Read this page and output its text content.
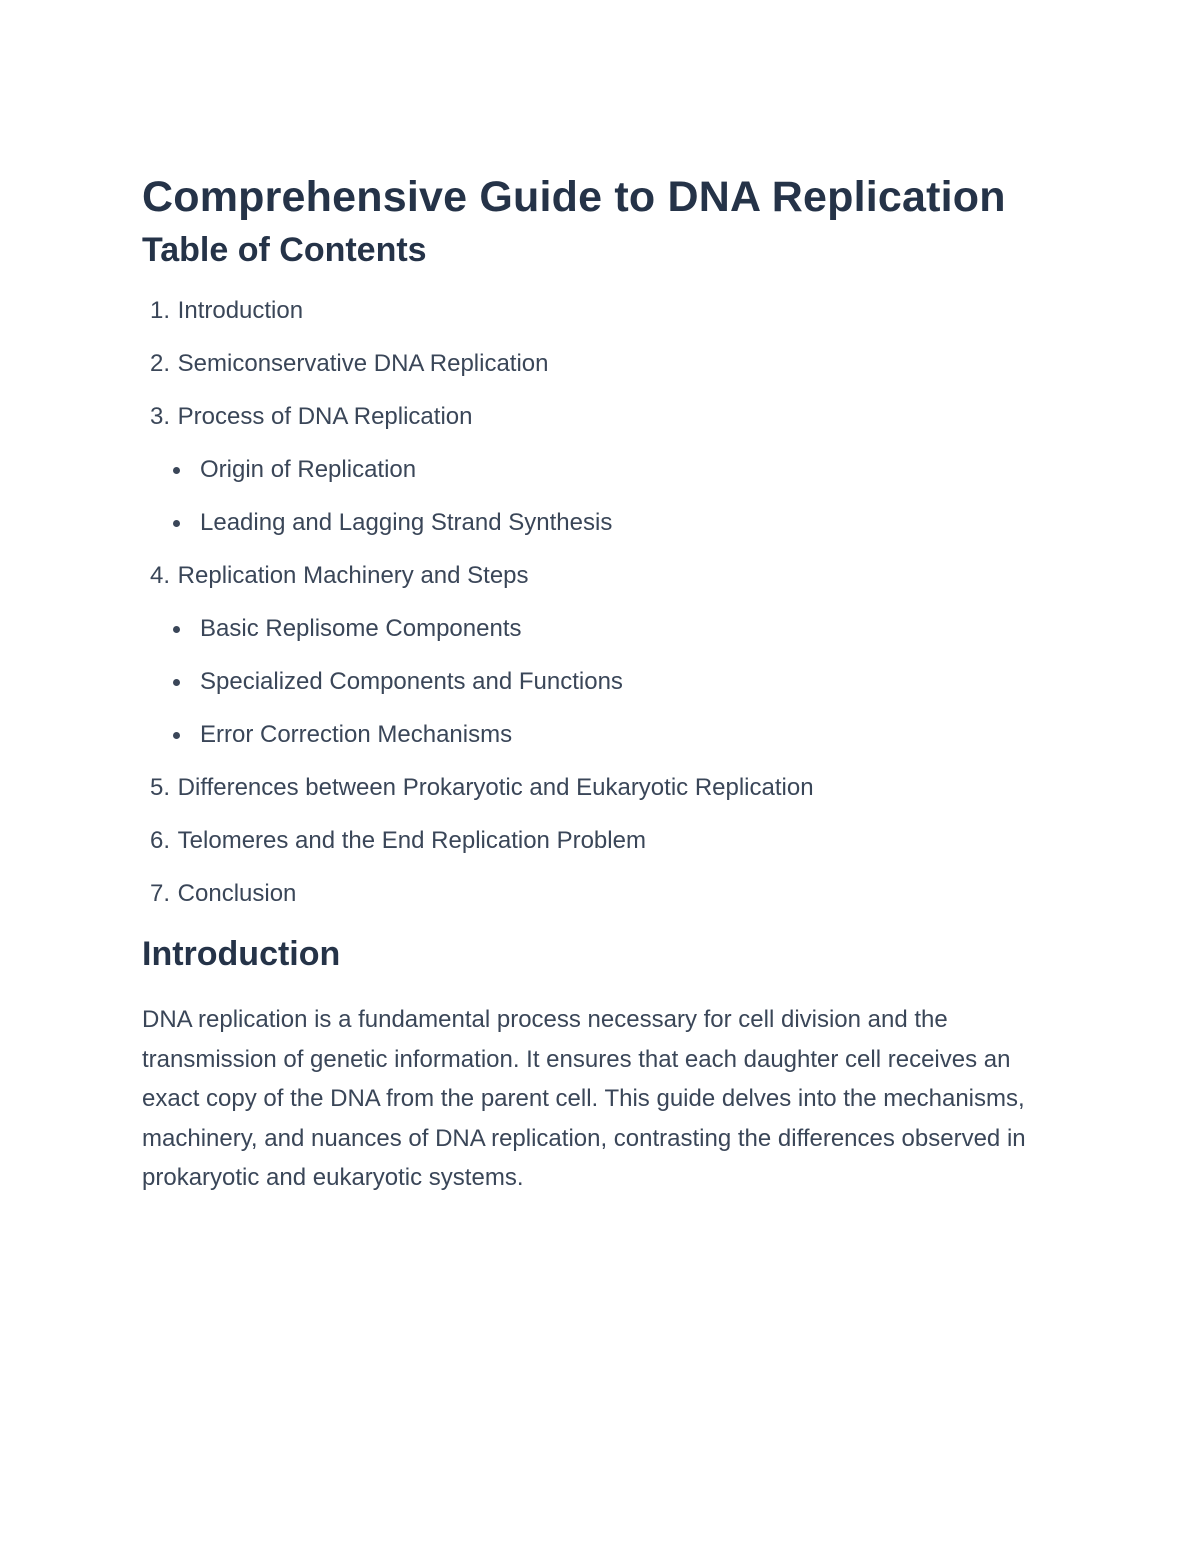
Comprehensive Guide to DNA Replication
Table of Contents
1. Introduction
2. Semiconservative DNA Replication
3. Process of DNA Replication
Origin of Replication
Leading and Lagging Strand Synthesis
4. Replication Machinery and Steps
Basic Replisome Components
Specialized Components and Functions
Error Correction Mechanisms
5. Differences between Prokaryotic and Eukaryotic Replication
6. Telomeres and the End Replication Problem
7. Conclusion
Introduction

DNA replication is a fundamental process necessary for cell division and the transmission of genetic information. It ensures that each daughter cell receives an exact copy of the DNA from the parent cell. This guide delves into the mechanisms, machinery, and nuances of DNA replication, contrasting the differences observed in prokaryotic and eukaryotic systems.
